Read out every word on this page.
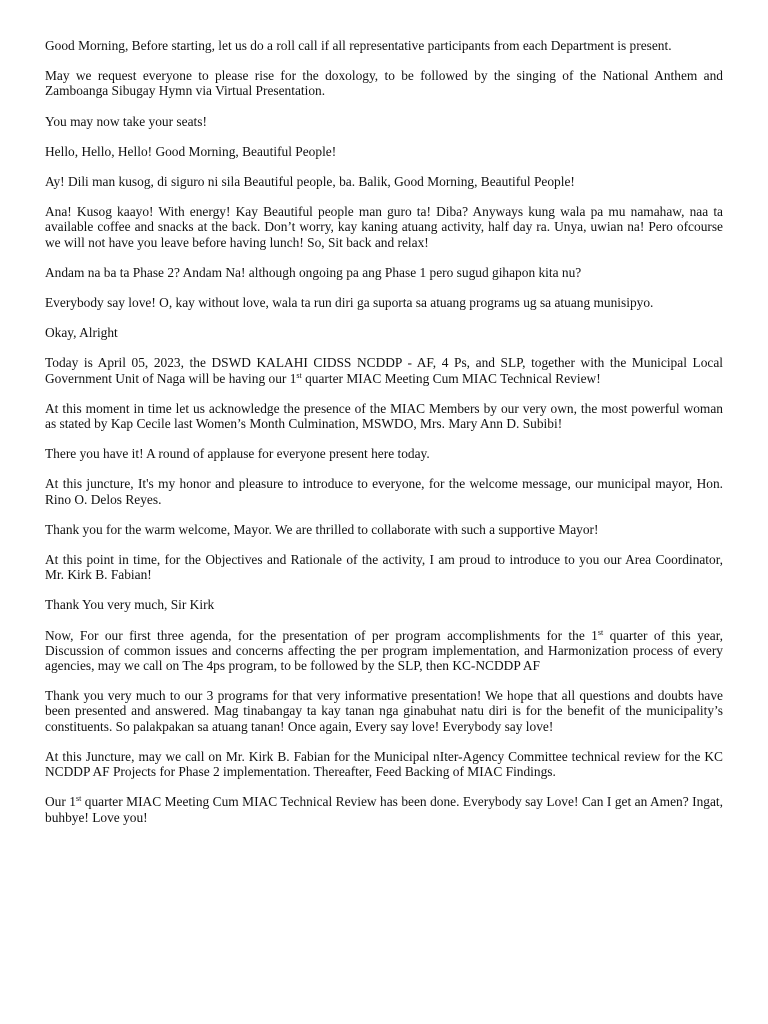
Good Morning, Before starting, let us do a roll call if all representative participants from each Department is present.

May we request everyone to please rise for the doxology, to be followed by the singing of the National Anthem and Zamboanga Sibugay Hymn via Virtual Presentation.

You may now take your seats!

Hello, Hello, Hello! Good Morning, Beautiful People!

Ay! Dili man kusog, di siguro ni sila Beautiful people, ba. Balik, Good Morning, Beautiful People!

Ana! Kusog kaayo! With energy! Kay Beautiful people man guro ta! Diba? Anyways kung wala pa mu namahaw, naa ta available coffee and snacks at the back. Don’t worry, kay kaning atuang activity, half day ra. Unya, uwian na! Pero ofcourse we will not have you leave before having lunch! So, Sit back and relax!

Andam na ba ta Phase 2? Andam Na! although ongoing pa ang Phase 1 pero sugud gihapon kita nu?

Everybody say love! O, kay without love, wala ta run diri ga suporta sa atuang programs ug sa atuang munisipyo.

Okay, Alright

Today is April 05, 2023, the DSWD KALAHI CIDSS NCDDP - AF, 4 Ps, and SLP, together with the Municipal Local Government Unit of Naga will be having our 1st quarter MIAC Meeting Cum MIAC Technical Review!

At this moment in time let us acknowledge the presence of the MIAC Members by our very own, the most powerful woman as stated by Kap Cecile last Women’s Month Culmination, MSWDO, Mrs. Mary Ann D. Subibi!

There you have it! A round of applause for everyone present here today.

At this juncture, It's my honor and pleasure to introduce to everyone, for the welcome message, our municipal mayor, Hon. Rino O. Delos Reyes.

Thank you for the warm welcome, Mayor. We are thrilled to collaborate with such a supportive Mayor!

At this point in time, for the Objectives and Rationale of the activity, I am proud to introduce to you our Area Coordinator, Mr. Kirk B. Fabian!

Thank You very much, Sir Kirk

Now, For our first three agenda, for the presentation of per program accomplishments for the 1st quarter of this year, Discussion of common issues and concerns affecting the per program implementation, and Harmonization process of every agencies, may we call on The 4ps program, to be followed by the SLP, then KC-NCDDP AF

Thank you very much to our 3 programs for that very informative presentation! We hope that all questions and doubts have been presented and answered. Mag tinabangay ta kay tanan nga ginabuhat natu diri is for the benefit of the municipality’s constituents. So palakpakan sa atuang tanan! Once again, Every say love! Everybody say love!

At this Juncture, may we call on Mr. Kirk B. Fabian for the Municipal nIter-Agency Committee technical review for the KC NCDDP AF Projects for Phase 2 implementation. Thereafter, Feed Backing of MIAC Findings.

Our 1st quarter MIAC Meeting Cum MIAC Technical Review has been done. Everybody say Love! Can I get an Amen? Ingat, buhbye! Love you!
